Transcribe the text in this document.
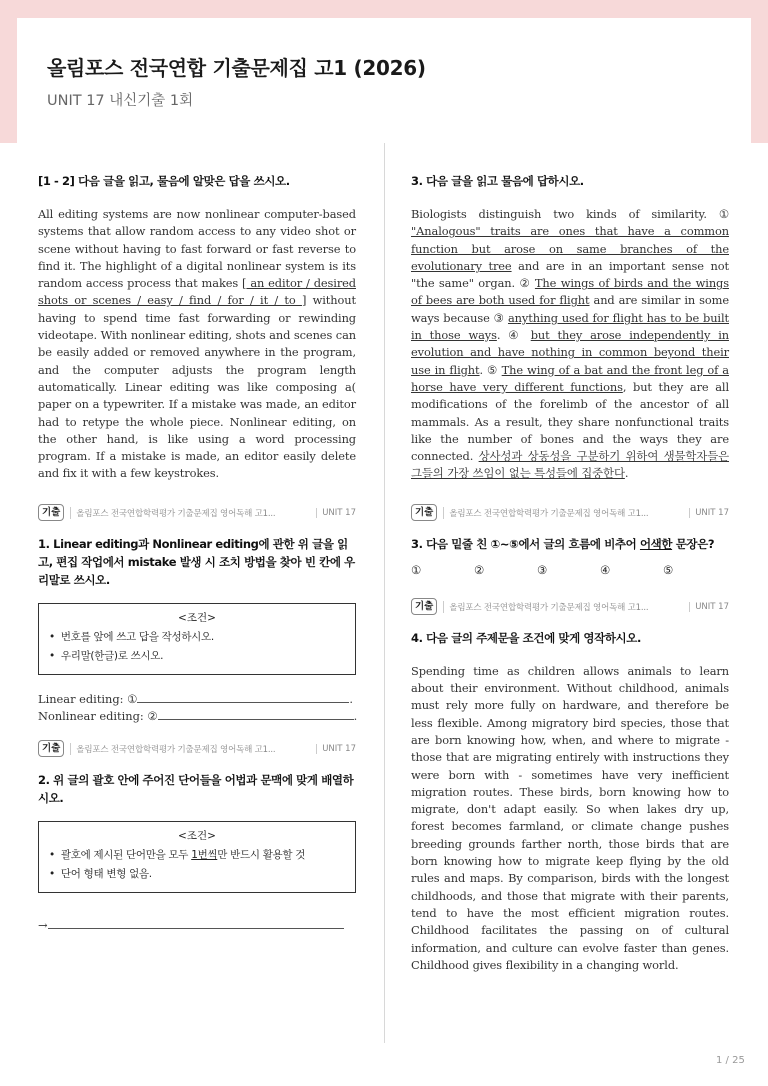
올림포스 전국연합 기출문제집 고1 (2026)
UNIT 17 내신기출 1회
[1 - 2] 다음 글을 읽고, 물음에 알맞은 답을 쓰시오.
All editing systems are now nonlinear computer-based systems that allow random access to any video shot or scene without having to fast forward or fast reverse to find it. The highlight of a digital nonlinear system is its random access process that makes [ an editor / desired shots or scenes / easy / find / for / it / to ] without having to spend time fast forwarding or rewinding videotape. With nonlinear editing, shots and scenes can be easily added or removed anywhere in the program, and the computer adjusts the program length automatically. Linear editing was like composing a( paper on a typewriter. If a mistake was made, an editor had to retype the whole piece. Nonlinear editing, on the other hand, is like using a word processing program. If a mistake is made, an editor easily delete and fix it with a few keystrokes.
기출	올림포스 전국연합학력평가 기출문제집 영어독해 고1...	UNIT 17
1. Linear editing과 Nonlinear editing에 관한 위 글을 읽고, 편집 작업에서 mistake 발생 시 조치 방법을 찾아 빈 칸에 우리말로 쓰시오.
<조건>
• 번호를 앞에 쓰고 답을 작성하시오.
• 우리말(한글)로 쓰시오.
Linear editing: ①	.
Nonlinear editing: ②	.
기출	올림포스 전국연합학력평가 기출문제집 영어독해 고1...	UNIT 17
2. 위 글의 괄호 안에 주어진 단어들을 어법과 문맥에 맞게 배열하시오.
<조건>
• 괄호에 제시된 단어만을 모두 1번씩만 반드시 활용할 것
• 단어 형태 변형 없음.
→
3. 다음 글을 읽고 물음에 답하시오.
Biologists distinguish two kinds of similarity. ① "Analogous" traits are ones that have a common function but arose on same branches of the evolutionary tree and are in an important sense not "the same" organ. ② The wings of birds and the wings of bees are both used for flight and are similar in some ways because ③ anything used for flight has to be built in those ways. ④ but they arose independently in evolution and have nothing in common beyond their use in flight. ⑤ The wing of a bat and the front leg of a horse have very different functions, but they are all modifications of the forelimb of the ancestor of all mammals. As a result, they share nonfunctional traits like the number of bones and the ways they are connected. 상사성과 상동성을 구분하기 위하여 생물학자들은 그들의 가장 쓰임이 없는 특성들에 집중한다.
기출	올림포스 전국연합학력평가 기출문제집 영어독해 고1...	UNIT 17
3. 다음 밑줄 친 ①~⑤에서 글의 흐름에 비추어 어색한 문장은?
①	②	③	④	⑤
기출	올림포스 전국연합학력평가 기출문제집 영어독해 고1...	UNIT 17
4. 다음 글의 주제문을 조건에 맞게 영작하시오.
Spending time as children allows animals to learn about their environment. Without childhood, animals must rely more fully on hardware, and therefore be less flexible. Among migratory bird species, those that are born knowing how, when, and where to migrate - those that are migrating entirely with instructions they were born with - sometimes have very inefficient migration routes. These birds, born knowing how to migrate, don't adapt easily. So when lakes dry up, forest becomes farmland, or climate change pushes breeding grounds farther north, those birds that are born knowing how to migrate keep flying by the old rules and maps. By comparison, birds with the longest childhoods, and those that migrate with their parents, tend to have the most efficient migration routes. Childhood facilitates the passing on of cultural information, and culture can evolve faster than genes. Childhood gives flexibility in a changing world.
1 / 25
